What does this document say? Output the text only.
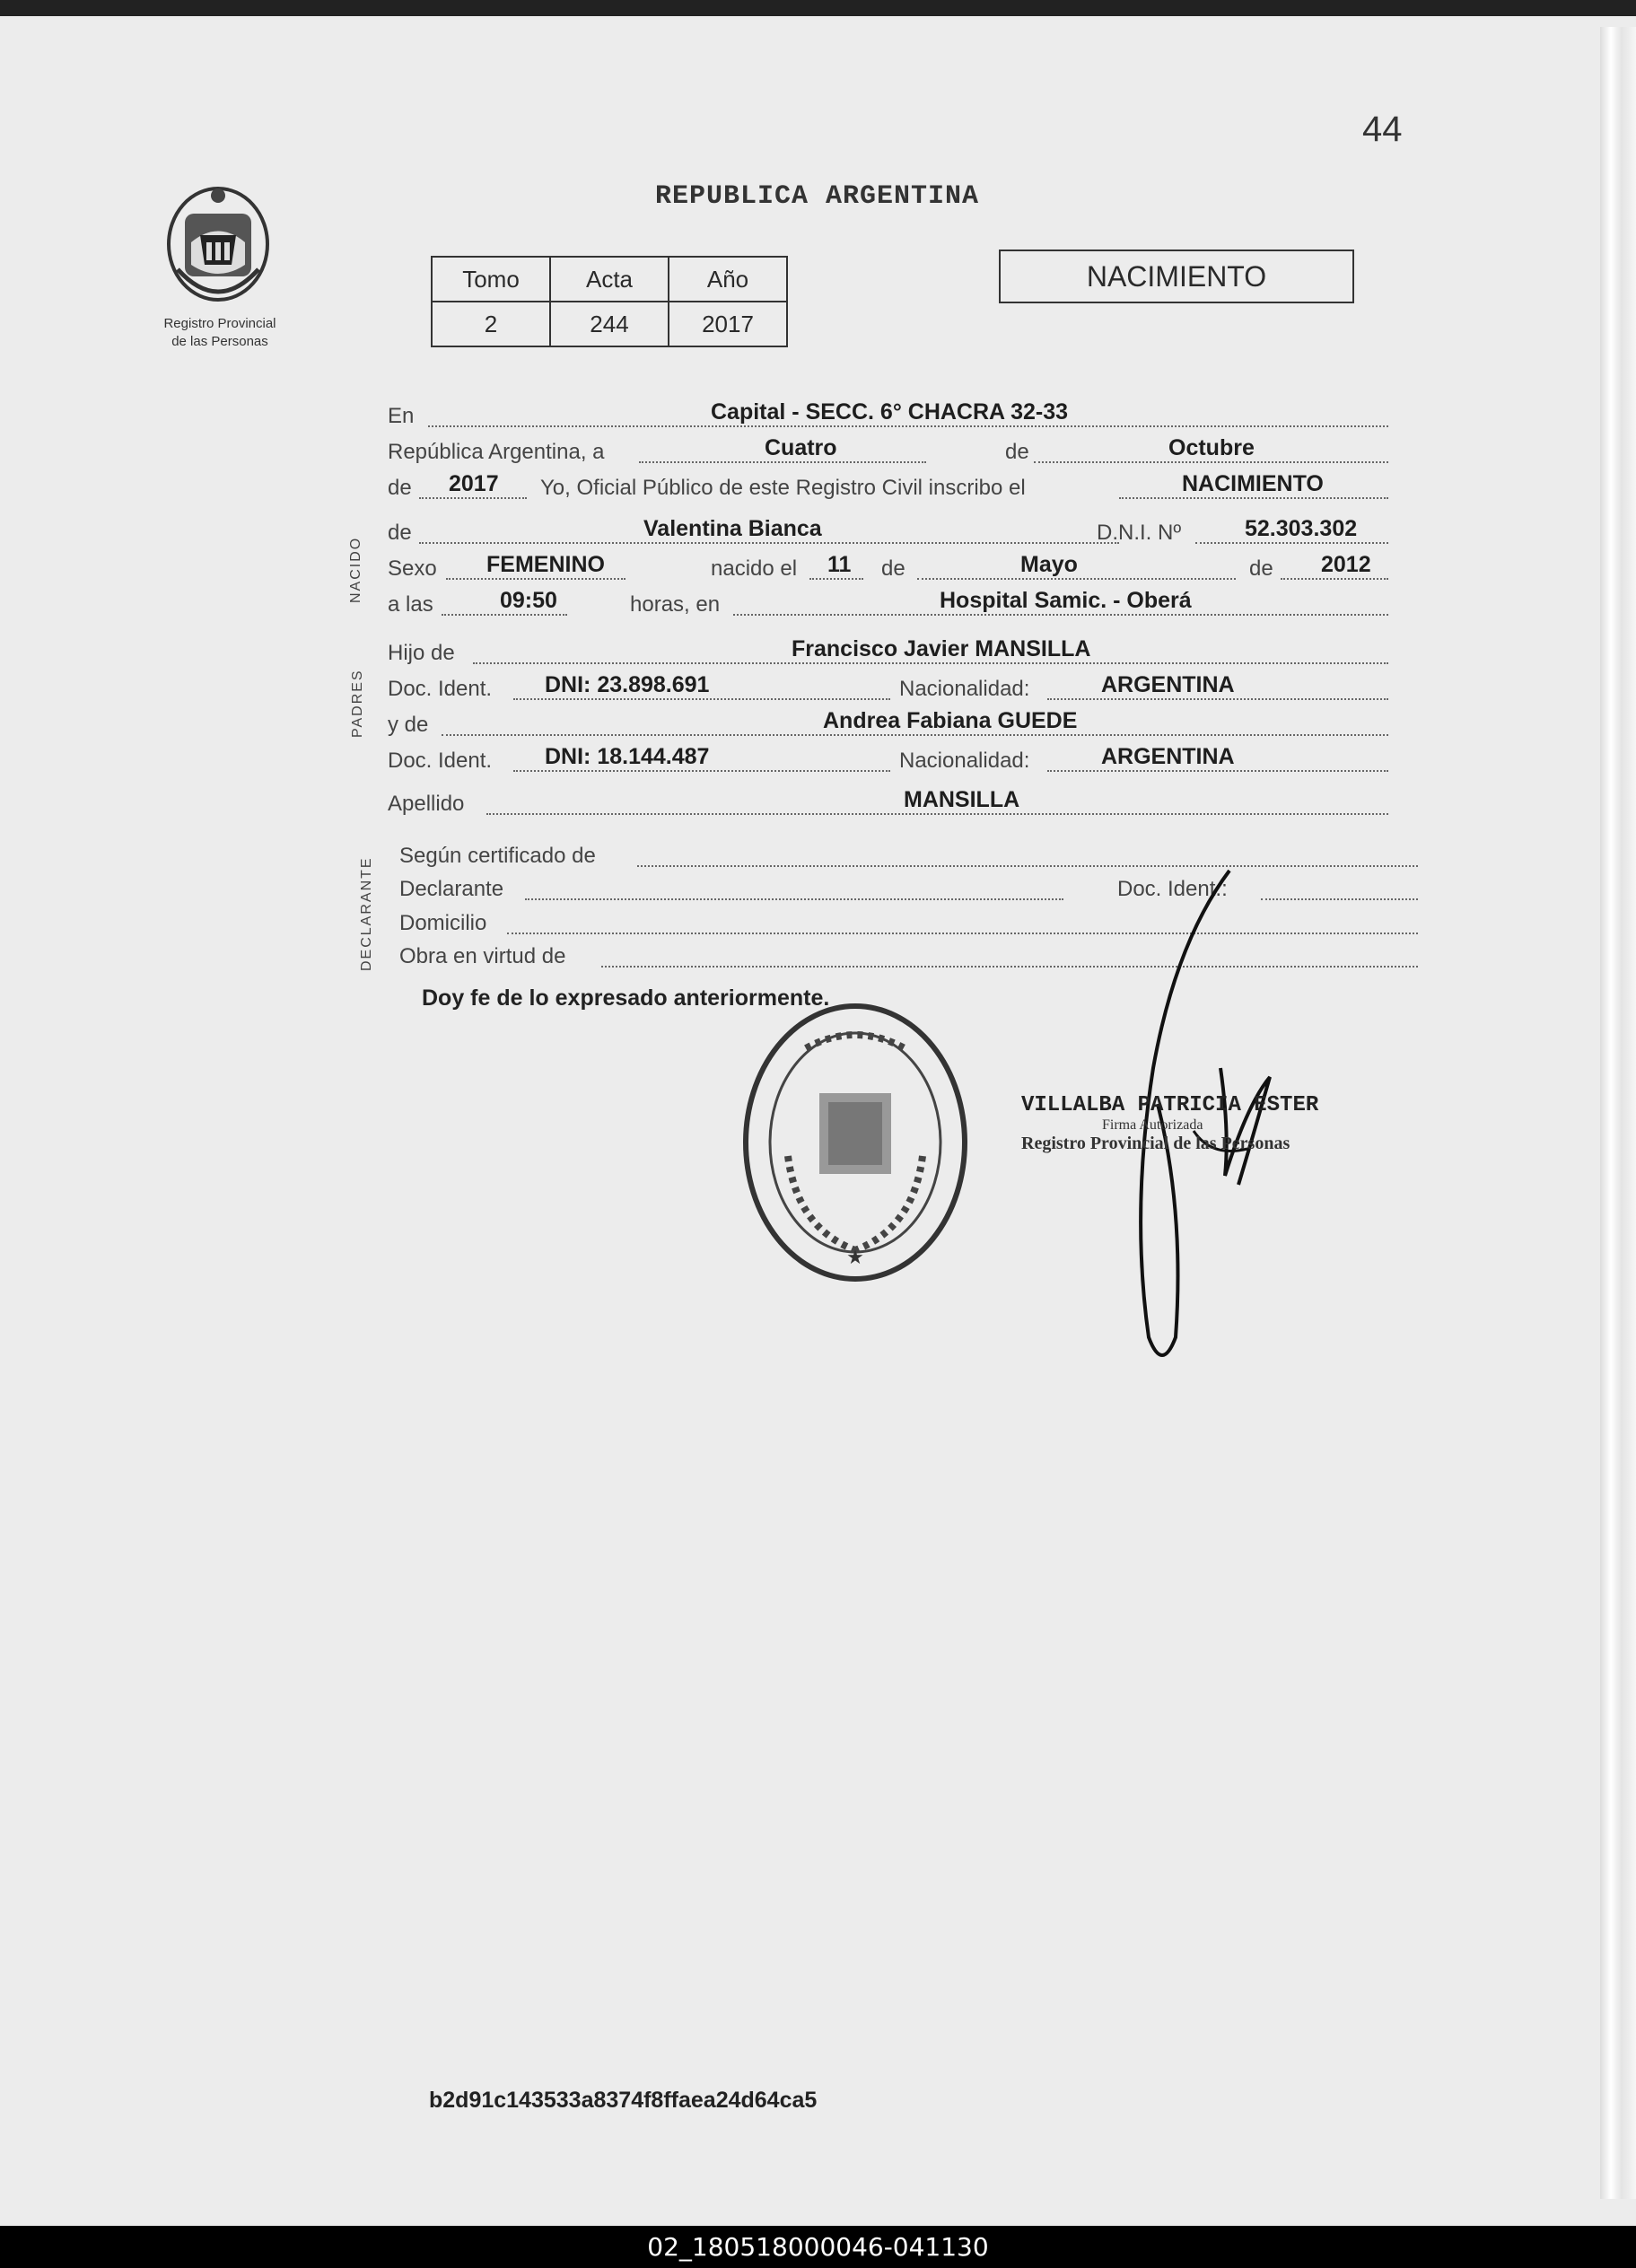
44
Registro Provincial
de las Personas
REPUBLICA ARGENTINA
Tomo	Acta	Año
2	244	2017
NACIMIENTO
NACIDO
PADRES
DECLARANTE
En	Capital - SECC. 6° CHACRA 32-33
República Argentina, a	Cuatro	de	Octubre
de 2017 Yo, Oficial Público de este Registro Civil inscribo el	NACIMIENTO
de	Valentina Bianca	D.N.I. Nº	52.303.302
Sexo FEMENINO	nacido el 11 de	Mayo	de 2012
a las	09:50	horas, en	Hospital Samic. - Oberá
Hijo de	Francisco Javier MANSILLA
Doc. Ident. DNI: 23.898.691	Nacionalidad:	ARGENTINA
y de	Andrea Fabiana GUEDE
Doc. Ident. DNI: 18.144.487	Nacionalidad:	ARGENTINA
Apellido	MANSILLA
Según certificado de
Declarante	Doc. Ident.:
Domicilio
Obra en virtud de
Doy fe de lo expresado anteriormente.
★
VILLALBA PATRICIA ESTER
Firma Autorizada
Registro Provincial de las Personas
b2d91c143533a8374f8ffaea24d64ca5
02_180518000046-041130
